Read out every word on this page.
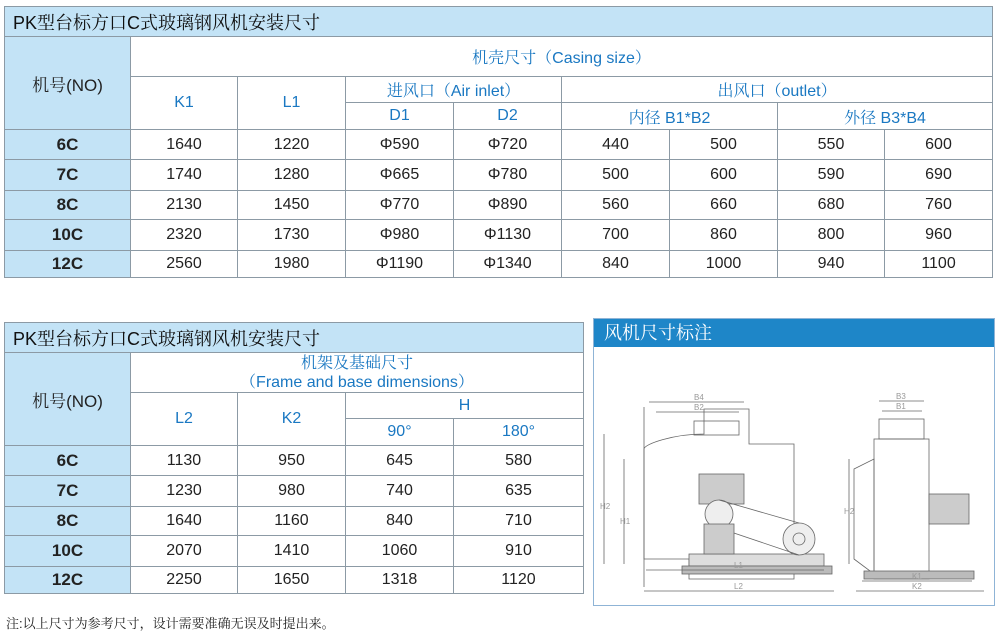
PK型台标方口C式玻璃钢风机安装尺寸								
机号(NO)	机壳尺寸（Casing size）							
	K1	L1	进风口（Air inlet）		出风口（outlet）			
			D1	D2	内径 B1*B2		外径 B3*B4	
6C	1640	1220	Φ590	Φ720	440	500	550	600
7C	1740	1280	Φ665	Φ780	500	600	590	690
8C	2130	1450	Φ770	Φ890	560	660	680	760
10C	2320	1730	Φ980	Φ1130	700	860	800	960
12C	2560	1980	Φ1190	Φ1340	840	1000	940	1100
PK型台标方口C式玻璃钢风机安装尺寸				
机号(NO)	机架及基础尺寸
（Frame and base dimensions）			

	L2	K2	H	
			90°	180°
6C	1130	950	645	580
7C	1230	980	740	635
8C	1640	1160	840	710
10C	2070	1410	1060	910
12C	2250	1650	1318	1120
风机尺寸标注
B4
B2
H2
H1
L1
L2
B3
B1
H2
K1
K2
注:以上尺寸为参考尺寸，设计需要准确无误及时提出来。
